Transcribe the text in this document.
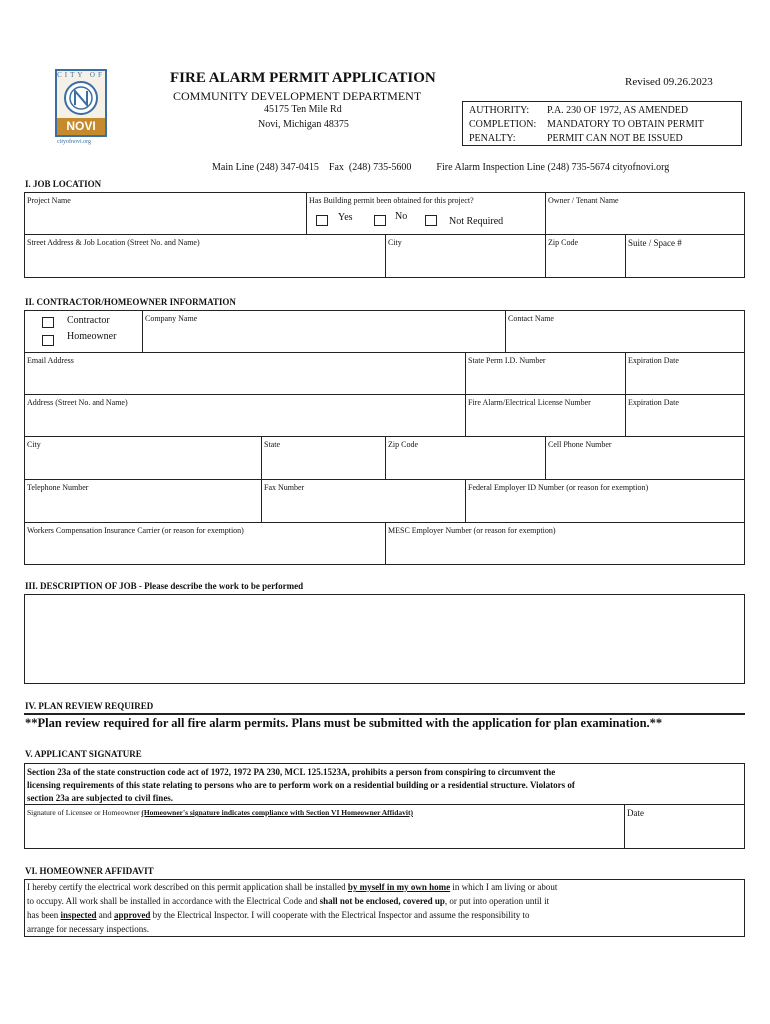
CITY OF
NOVI
cityofnovi.org
FIRE ALARM PERMIT APPLICATION
COMMUNITY DEVELOPMENT DEPARTMENT
45175 Ten Mile Rd
Novi, Michigan 48375
Revised 09.26.2023
AUTHORITY: P.A. 230 OF 1972, AS AMENDED
COMPLETION: MANDATORY TO OBTAIN PERMIT
PENALTY:	PERMIT CAN NOT BE ISSUED
Main Line (248) 347-0415    Fax  (248) 735-5600          Fire Alarm Inspection Line (248) 735-5674 cityofnovi.org
I. JOB LOCATION
Project Name	Has Building permit been obtained for this project?	Owner / Tenant Name
Yes	No	Not Required
Street Address & Job Location (Street No. and Name)	City	Zip Code	Suite / Space #
II. CONTRACTOR/HOMEOWNER INFORMATION
Contractor
Homeowner
Company Name	Contact Name
Email Address	State Perm I.D. Number	Expiration Date
Address (Street No. and Name)	Fire Alarm/Electrical License Number	Expiration Date
City	State	Zip Code	Cell Phone Number
Telephone Number	Fax Number	Federal Employer ID Number (or reason for exemption)
Workers Compensation Insurance Carrier (or reason for exemption)	MESC Employer Number (or reason for exemption)
III. DESCRIPTION OF JOB - Please describe the work to be performed
IV. PLAN REVIEW REQUIRED
**Plan review required for all fire alarm permits. Plans must be submitted with the application for plan examination.**
V. APPLICANT SIGNATURE
Section 23a of the state construction code act of 1972, 1972 PA 230, MCL 125.1523A, prohibits a person from conspiring to circumvent the
licensing requirements of this state relating to persons who are to perform work on a residential building or a residential structure. Violators of
section 23a are subjected to civil fines.
Signature of Licensee or Homeowner (Homeowner's signature indicates compliance with Section VI Homeowner Affidavit)	Date
VI. HOMEOWNER AFFIDAVIT
I hereby certify the electrical work described on this permit application shall be installed by myself in my own home in which I am living or about
to occupy. All work shall be installed in accordance with the Electrical Code and shall not be enclosed, covered up, or put into operation until it
has been inspected and approved by the Electrical Inspector. I will cooperate with the Electrical Inspector and assume the responsibility to
arrange for necessary inspections.
